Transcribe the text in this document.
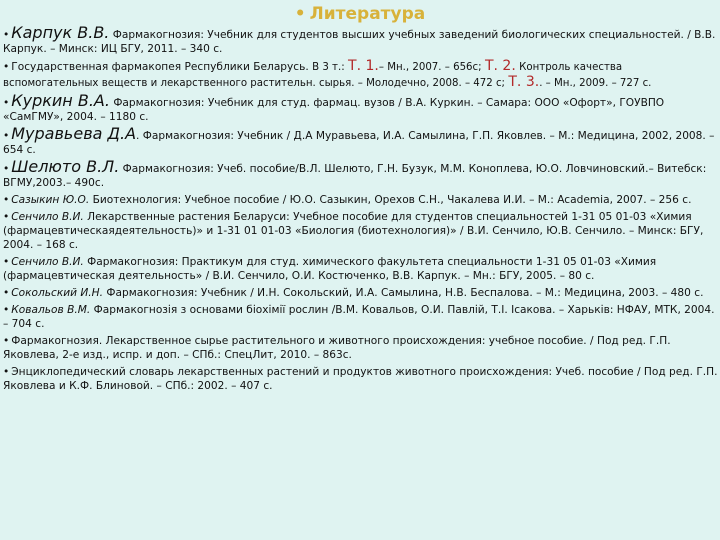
• Литература
• Карпук В.В. Фармакогнозия: Учебник для студентов высших учебных заведений биологических специальностей. / В.В. Карпук. – Минск: ИЦ БГУ, 2011. – 340 с.
• Государственная фармакопея Республики Беларусь. В 3 т.: Т. 1.– Мн., 2007. – 656с; Т. 2. Контроль качества вспомогательных веществ и лекарственного растительн. сырья. – Молодечно, 2008. – 472 с; Т. 3.. – Мн., 2009. – 727 с.
• Куркин В.А. Фармакогнозия: Учебник для студ. фармац. вузов / В.А. Куркин. – Самара: ООО «Офорт», ГОУВПО «СамГМУ», 2004. – 1180 с.
• Муравьева Д.А. Фармакогнозия: Учебник / Д.А Муравьева, И.А. Самылина, Г.П. Яковлев. – М.: Медицина, 2002, 2008. – 654 с.
• Шелюто В.Л. Фармакогнозия: Учеб. пособие/В.Л. Шелюто, Г.Н. Бузук, М.М. Коноплева, Ю.О. Ловчиновский.– Витебск: ВГМУ,2003.– 490с.
• Сазыкин Ю.О. Биотехнология: Учебное пособие / Ю.О. Сазыкин, Орехов С.Н., Чакалева И.И. – М.: Academia, 2007. – 256 с.
• Сенчило В.И. Лекарственные растения Беларуси: Учебное пособие для студентов специальностей 1-31 05 01-03 «Химия (фармацевтическаядеятельность)» и 1-31 01 01-03 «Биология (биотехнология)» / В.И. Сенчило, Ю.В. Сенчило. – Минск: БГУ, 2004. – 168 с.
• Сенчило В.И. Фармакогнозия: Практикум для студ. химического факультета специальности 1-31 05 01-03 «Химия (фармацевтическая деятельность» / В.И. Сенчило, О.И. Костюченко, В.В. Карпук. – Мн.: БГУ, 2005. – 80 с.
• Сокольский И.Н. Фармакогнозия: Учебник / И.Н. Сокольский, И.А. Самылина, Н.В. Беспалова. – М.: Медицина, 2003. – 480 с.
• Ковальов В.М. Фармакогнозія з основами біохімії рослин /В.М. Ковальов, О.И. Павлій, Т.І. Ісакова. – Харьків: НФАУ, МТК, 2004. – 704 с.
• Фармакогнозия. Лекарственное сырье растительного и животного происхождения: учебное пособие. / Под ред. Г.П. Яковлева, 2-е изд., испр. и доп. – СПб.: СпецЛит, 2010. – 863с.
• Энциклопедический словарь лекарственных растений и продуктов животного происхождения: Учеб. пособие / Под ред. Г.П. Яковлева и К.Ф. Блиновой. – СПб.: 2002. – 407 с.
